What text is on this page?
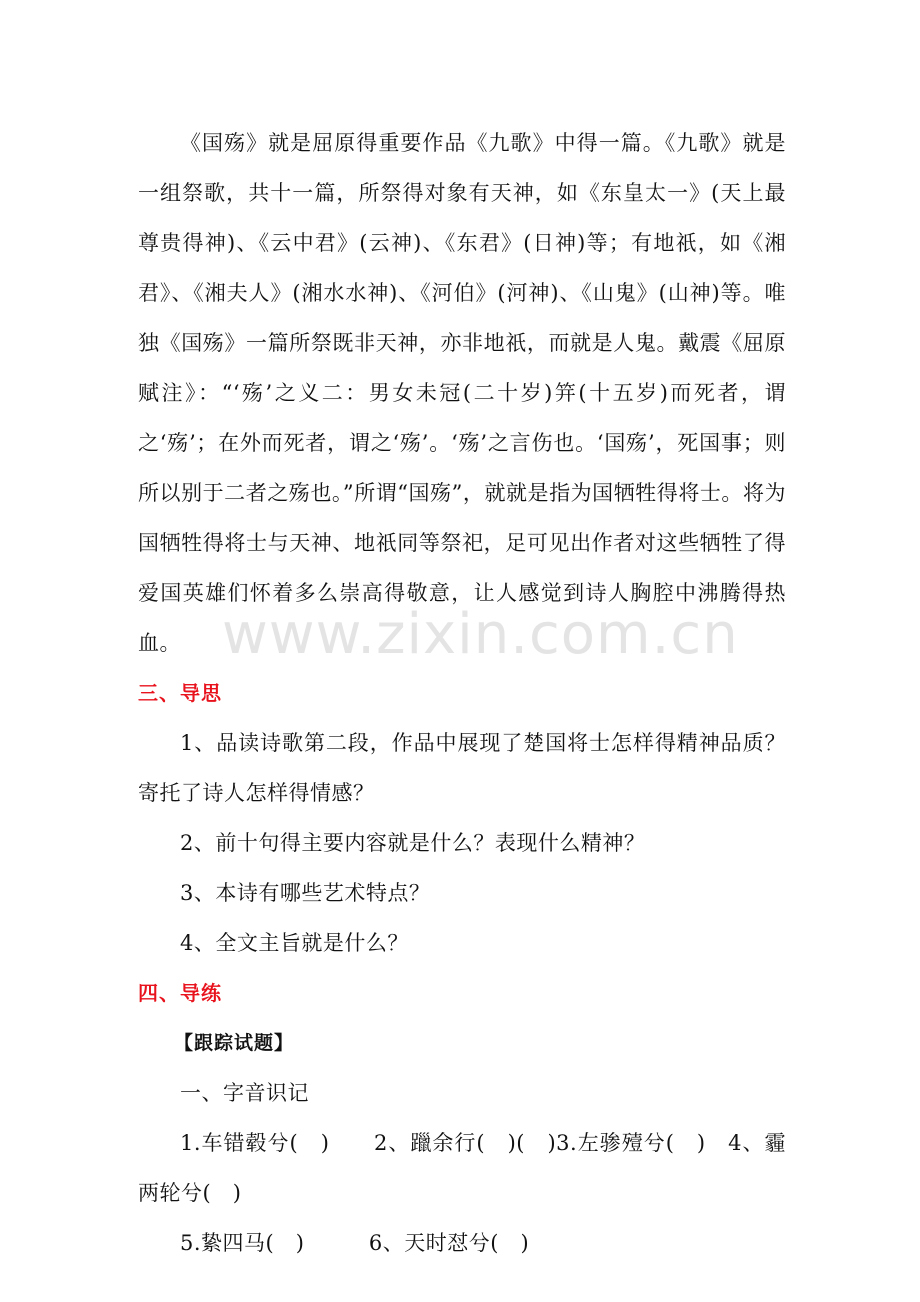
《国殇》就是屈原得重要作品《九歌》中得一篇。《九歌》就是一组祭歌，共十一篇，所祭得对象有天神，如《东皇太一》(天上最尊贵得神)、《云中君》(云神)、《东君》(日神)等；有地祇，如《湘君》、《湘夫人》(湘水水神)、《河伯》(河神)、《山鬼》(山神)等。唯独《国殇》一篇所祭既非天神，亦非地祇，而就是人鬼。戴震《屈原赋注》：“‘殇’之义二：男女未冠(二十岁)笄(十五岁)而死者，谓之‘殇’；在外而死者，谓之‘殇’。‘殇’之言伤也。‘国殇’，死国事；则所以别于二者之殇也。”所谓“国殇”，就就是指为国牺牲得将士。将为国牺牲得将士与天神、地祇同等祭祀，足可见出作者对这些牺牲了得爱国英雄们怀着多么崇高得敬意，让人感觉到诗人胸腔中沸腾得热血。

三、导思

1、品读诗歌第二段，作品中展现了楚国将士怎样得精神品质？寄托了诗人怎样得情感？

2、前十句得主要内容就是什么？表现什么精神？

3、本诗有哪些艺术特点？

4、全文主旨就是什么？

四、导练

【跟踪试题】

一、字音识记

1.车错毂兮(　)　　2、躐余行(　)(　)3.左骖殪兮(　)　4、霾两轮兮(　)

5.絷四马(　)　　　6、天时怼兮(　)

www.zixin.com.cn
